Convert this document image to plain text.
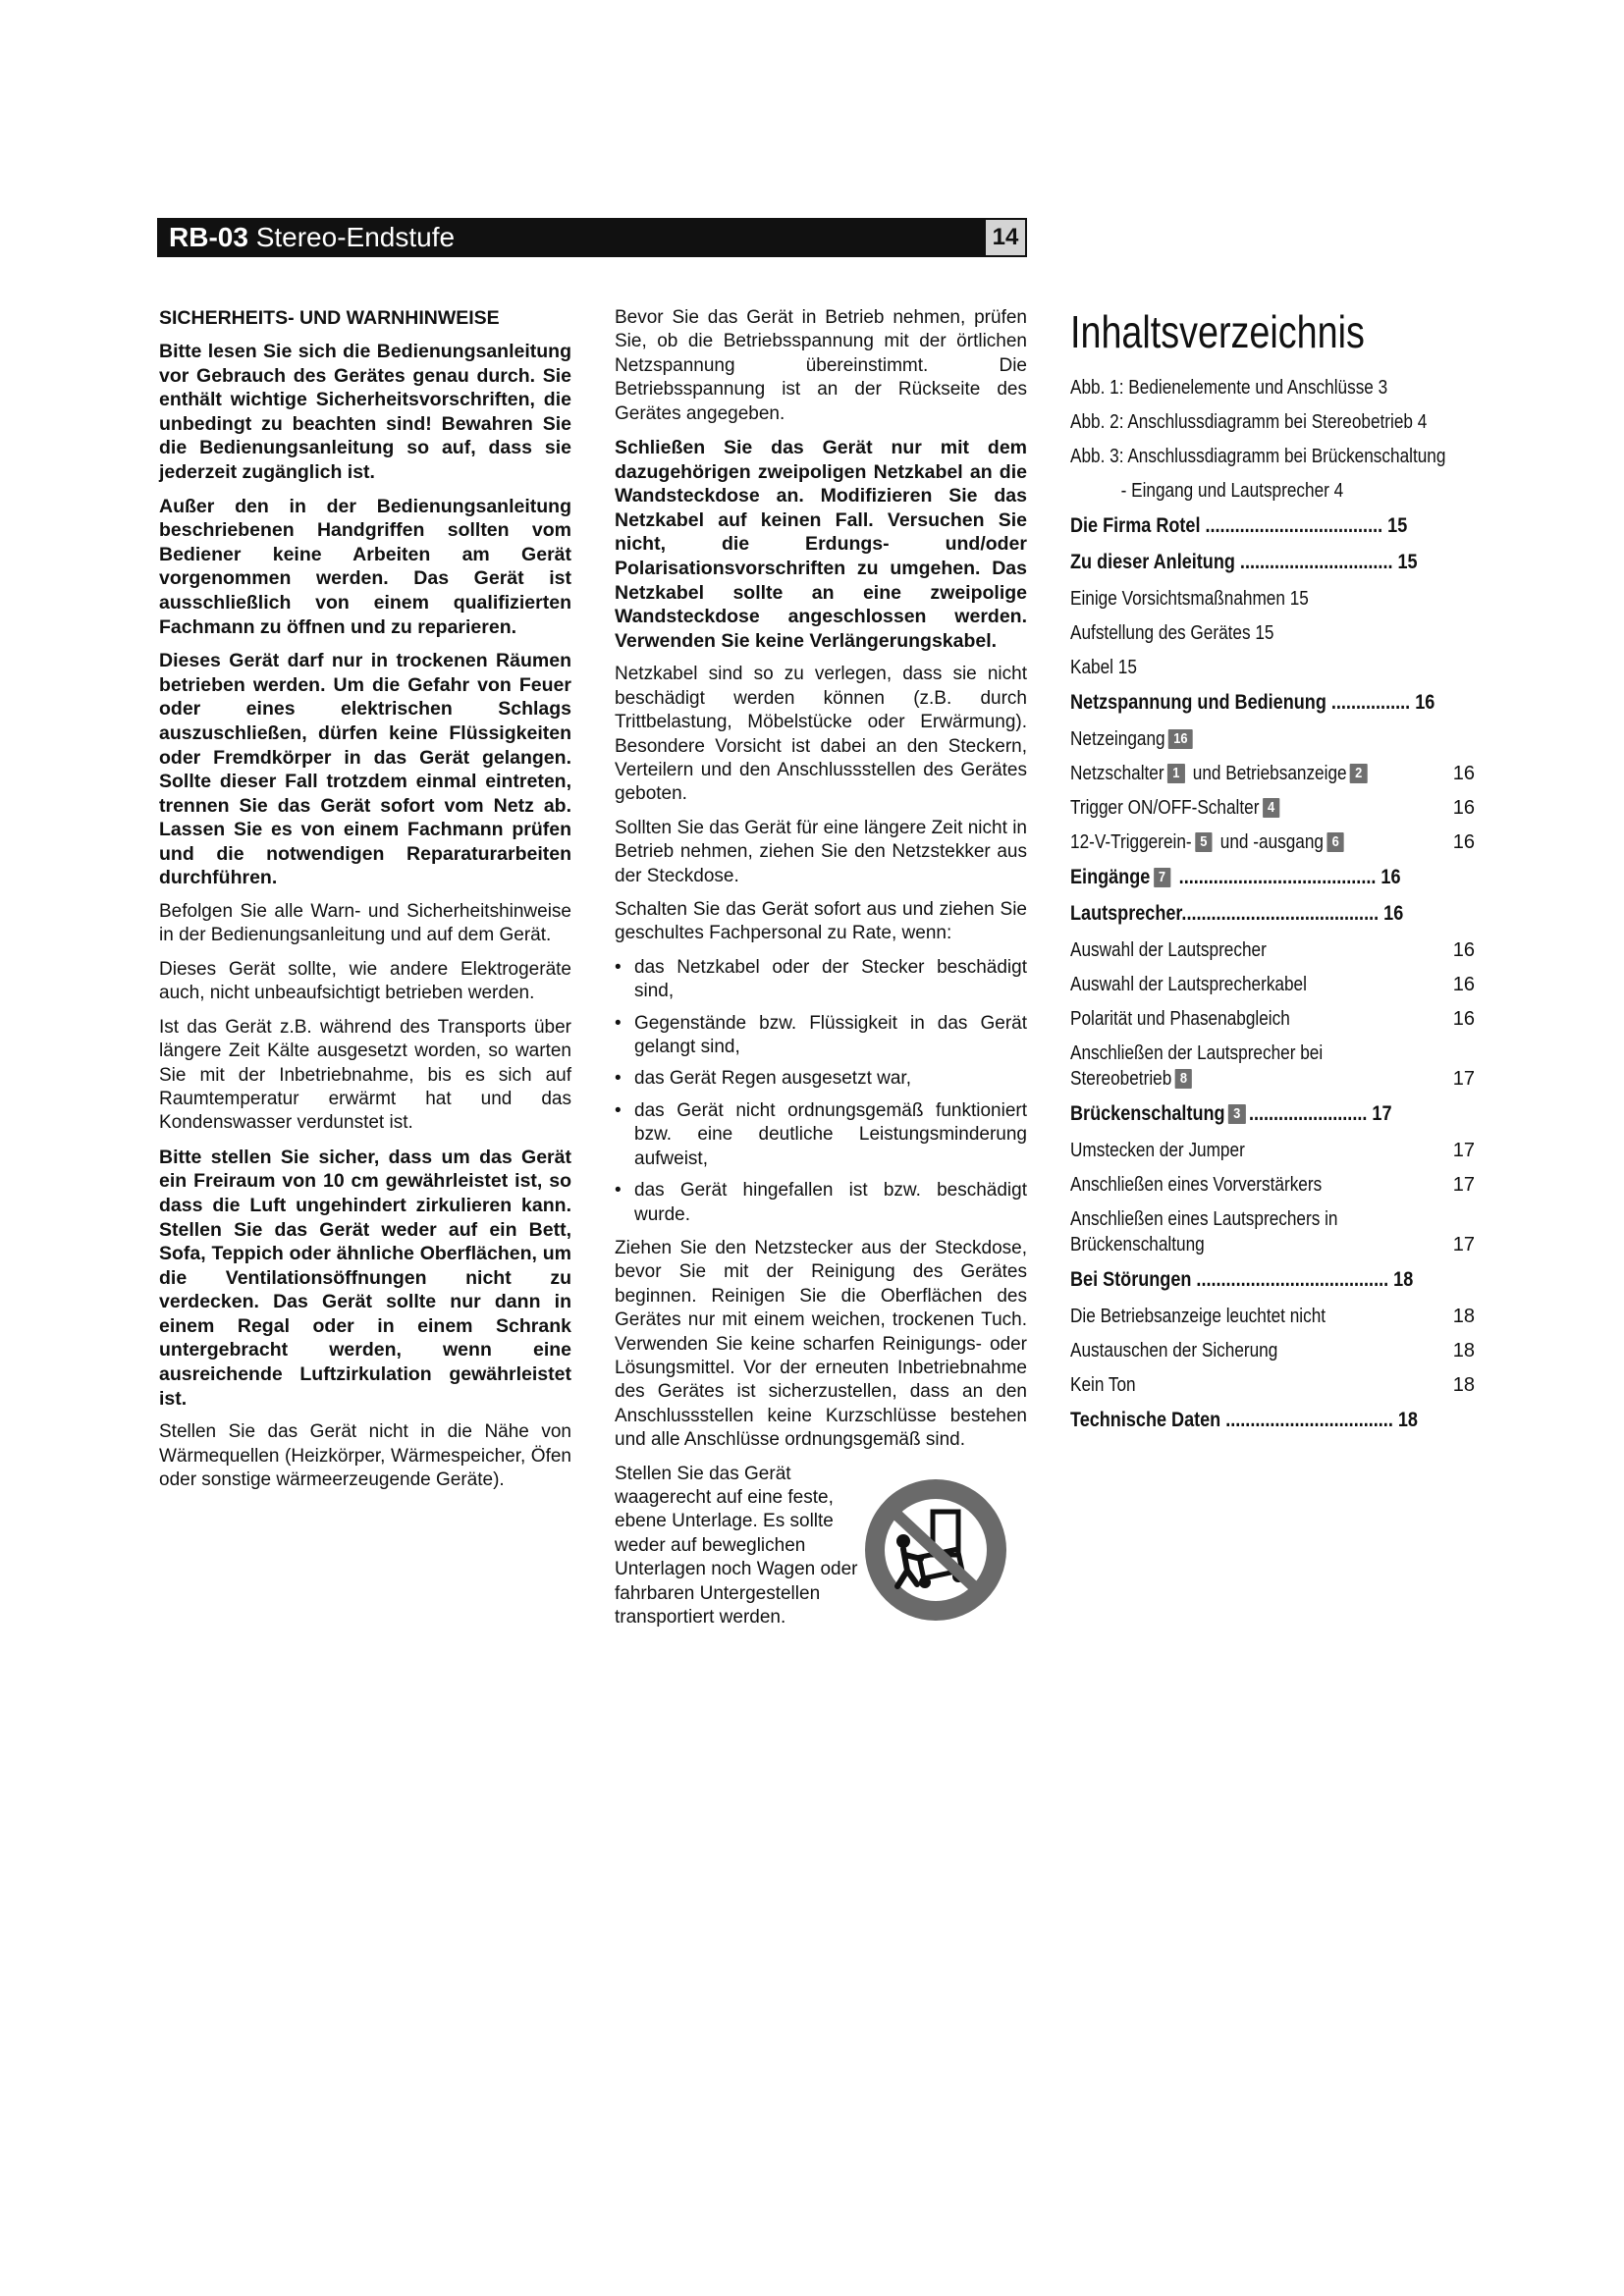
RB-03 Stereo-Endstufe	14
SICHERHEITS- UND WARNHINWEISE

Bitte lesen Sie sich die Bedienungsanleitung vor Gebrauch des Gerätes genau durch. Sie enthält wichtige Sicherheitsvorschriften, die unbedingt zu beachten sind! Bewahren Sie die Bedienungsanleitung so auf, dass sie jederzeit zugänglich ist.

Außer den in der Bedienungsanleitung beschriebenen Handgriffen sollten vom Bediener keine Arbeiten am Gerät vorgenommen werden. Das Gerät ist ausschließlich von einem qualifizierten Fachmann zu öffnen und zu reparieren.

Dieses Gerät darf nur in trockenen Räumen betrieben werden. Um die Gefahr von Feuer oder eines elektrischen Schlags auszuschließen, dürfen keine Flüssigkeiten oder Fremdkörper in das Gerät gelangen. Sollte dieser Fall trotzdem einmal eintreten, trennen Sie das Gerät sofort vom Netz ab. Lassen Sie es von einem Fachmann prüfen und die notwendigen Reparaturarbeiten durchführen.

Befolgen Sie alle Warn- und Sicherheitshinweise in der Bedienungsanleitung und auf dem Gerät.

Dieses Gerät sollte, wie andere Elektrogeräte auch, nicht unbeaufsichtigt betrieben werden.

Ist das Gerät z.B. während des Transports über längere Zeit Kälte ausgesetzt worden, so warten Sie mit der Inbetriebnahme, bis es sich auf Raumtemperatur erwärmt hat und das Kondenswasser verdunstet ist.

Bitte stellen Sie sicher, dass um das Gerät ein Freiraum von 10 cm gewährleistet ist, so dass die Luft ungehindert zirkulieren kann. Stellen Sie das Gerät weder auf ein Bett, Sofa, Teppich oder ähnliche Oberflächen, um die Ventilationsöffnungen nicht zu verdecken. Das Gerät sollte nur dann in einem Regal oder in einem Schrank untergebracht werden, wenn eine ausreichende Luftzirkulation gewährleistet ist.

Stellen Sie das Gerät nicht in die Nähe von Wärmequellen (Heizkörper, Wärmespeicher, Öfen oder sonstige wärmeerzeugende Geräte).

Bevor Sie das Gerät in Betrieb nehmen, prüfen Sie, ob die Betriebsspannung mit der örtlichen Netzspannung übereinstimmt. Die Betriebsspannung ist an der Rückseite des Gerätes angegeben.

Schließen Sie das Gerät nur mit dem dazugehörigen zweipoligen Netzkabel an die Wandsteckdose an. Modifizieren Sie das Netzkabel auf keinen Fall. Versuchen Sie nicht, die Erdungs- und/oder Polarisationsvorschriften zu umgehen. Das Netzkabel sollte an eine zweipolige Wandsteckdose angeschlossen werden. Verwenden Sie keine Verlängerungskabel.

Netzkabel sind so zu verlegen, dass sie nicht beschädigt werden können (z.B. durch Trittbelastung, Möbelstücke oder Erwärmung). Besondere Vorsicht ist dabei an den Steckern, Verteilern und den Anschlussstellen des Gerätes geboten.

Sollten Sie das Gerät für eine längere Zeit nicht in Betrieb nehmen, ziehen Sie den Netzstekker aus der Steckdose.

Schalten Sie das Gerät sofort aus und ziehen Sie geschultes Fachpersonal zu Rate, wenn:

• das Netzkabel oder der Stecker beschädigt sind,
• Gegenstände bzw. Flüssigkeit in das Gerät gelangt sind,
• das Gerät Regen ausgesetzt war,
• das Gerät nicht ordnungsgemäß funktioniert bzw. eine deutliche Leistungsminderung aufweist,
• das Gerät hingefallen ist bzw. beschädigt wurde.

Ziehen Sie den Netzstecker aus der Steckdose, bevor Sie mit der Reinigung des Gerätes beginnen. Reinigen Sie die Oberflächen des Gerätes nur mit einem weichen, trockenen Tuch. Verwenden Sie keine scharfen Reinigungs- oder Lösungsmittel. Vor der erneuten Inbetriebnahme des Gerätes ist sicherzustellen, dass an den Anschlussstellen keine Kurzschlüsse bestehen und alle Anschlüsse ordnungsgemäß sind.

Stellen Sie das Gerät waagerecht auf eine feste, ebene Unterlage. Es sollte weder auf beweglichen Unterlagen noch Wagen oder fahrbaren Untergestellen transportiert werden.
Inhaltsverzeichnis
Abb. 1: Bedienelemente und Anschlüsse 3
Abb. 2: Anschlussdiagramm bei Stereobetrieb 4
Abb. 3: Anschlussdiagramm bei Brückenschaltung
- Eingang und Lautsprecher 4
Die Firma Rotel .................................... 15
Zu dieser Anleitung ............................... 15
Einige Vorsichtsmaßnahmen 15
Aufstellung des Gerätes 15
Kabel 15
Netzspannung und Bedienung ................ 16
Netzeingang 16
Netzschalter 1 und Betriebsanzeige 2	16
Trigger ON/OFF-Schalter 4	16
12-V-Triggerein- 5 und -ausgang 6	16
Eingänge 7 ........................................ 16
Lautsprecher........................................ 16
Auswahl der Lautsprecher	16
Auswahl der Lautsprecherkabel	16
Polarität und Phasenabgleich	16
Anschließen der Lautsprecher bei
Stereobetrieb 8	17
Brückenschaltung 3 ........................ 17
Umstecken der Jumper	17
Anschließen eines Vorverstärkers	17
Anschließen eines Lautsprechers in
Brückenschaltung	17
Bei Störungen ....................................... 18
Die Betriebsanzeige leuchtet nicht	18
Austauschen der Sicherung	18
Kein Ton	18
Technische Daten .................................. 18
